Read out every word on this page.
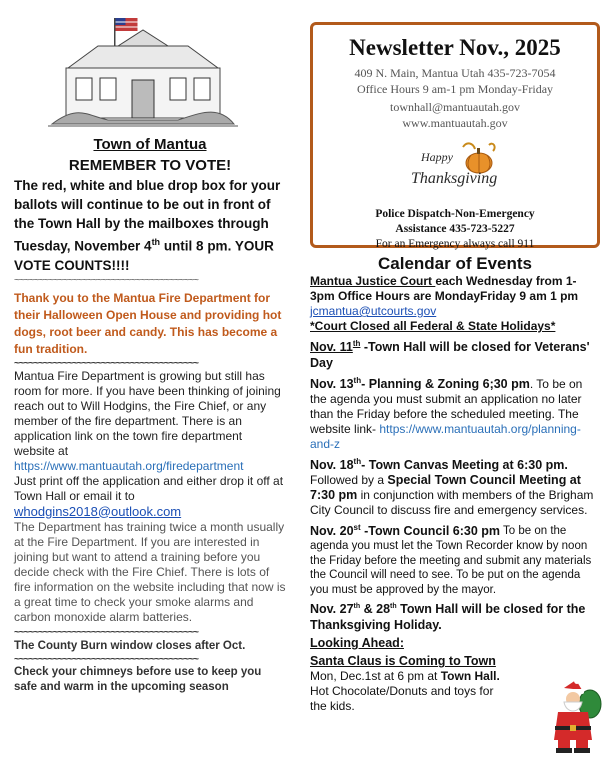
Town of Mantua
REMEMBER TO VOTE!
The red, white and blue drop box for your ballots will continue to be out in front of the Town Hall by the mailboxes through Tuesday, November 4th until 8 pm. YOUR VOTE COUNTS!!!!
~~~~~~~~~~~~~~~~~~~~~~~~~~~~~~~~~~~~~~
Thank you to the Mantua Fire Department for their Halloween Open House and providing hot dogs, root beer and candy. This has become a fun tradition.
~~~~~~~~~~~~~~~~~~~~~~~~~~~~~~~~~~~~~~
Mantua Fire Department is growing but still has room for more. If you have been thinking of joining reach out to Will Hodgins, the Fire Chief, or any member of the fire department. There is an application link on the town fire department website at
https://www.mantuautah.org/firedepartment
Just print off the application and either drop it off at Town Hall or email it to
whodgins2018@outlook.com
The Department has training twice a month usually at the Fire Department. If you are interested in joining but want to attend a training before you decide check with the Fire Chief. There is lots of fire information on the website including that now is a great time to check your smoke alarms and carbon monoxide alarm batteries.
~~~~~~~~~~~~~~~~~~~~~~~~~~~~~~~~~~~~~~
The County Burn window closes after Oct.
~~~~~~~~~~~~~~~~~~~~~~~~~~~~~~~~~~~~~~
Check your chimneys before use to keep you safe and warm in the upcoming season
Newsletter Nov., 2025
409 N. Main, Mantua Utah 435-723-7054
Office Hours 9 am-1 pm Monday-Friday
townhall@mantuautah.gov
www.mantuautah.gov
Happy
Thanksgiving
Police Dispatch-Non-Emergency
Assistance 435-723-5227
For an Emergency always call 911
Calendar of Events
Mantua Justice Court each Wednesday from 1-3pm Office Hours are MondayFriday 9 am 1 pm jcmantua@utcourts.gov
*Court Closed all Federal & State Holidays*
Nov. 11th -Town Hall will be closed for Veterans' Day
Nov. 13th- Planning & Zoning 6;30 pm. To be on the agenda you must submit an application no later than the Friday before the scheduled meeting. The website link- https://www.mantuautah.org/planning-and-z
Nov. 18th- Town Canvas Meeting at 6:30 pm. Followed by a Special Town Council Meeting at 7:30 pm in conjunction with members of the Brigham City Council to discuss fire and emergency services.
Nov. 20st -Town Council 6:30 pm To be on the agenda you must let the Town Recorder know by noon the Friday before the meeting and submit any materials the Council will need to see. To be put on the agenda you must be approved by the mayor.
Nov. 27th & 28th Town Hall will be closed for the Thanksgiving Holiday.
Looking Ahead:
Santa Claus is Coming to Town
Mon, Dec.1st at 6 pm at Town Hall. Hot Chocolate/Donuts and toys for the kids.
